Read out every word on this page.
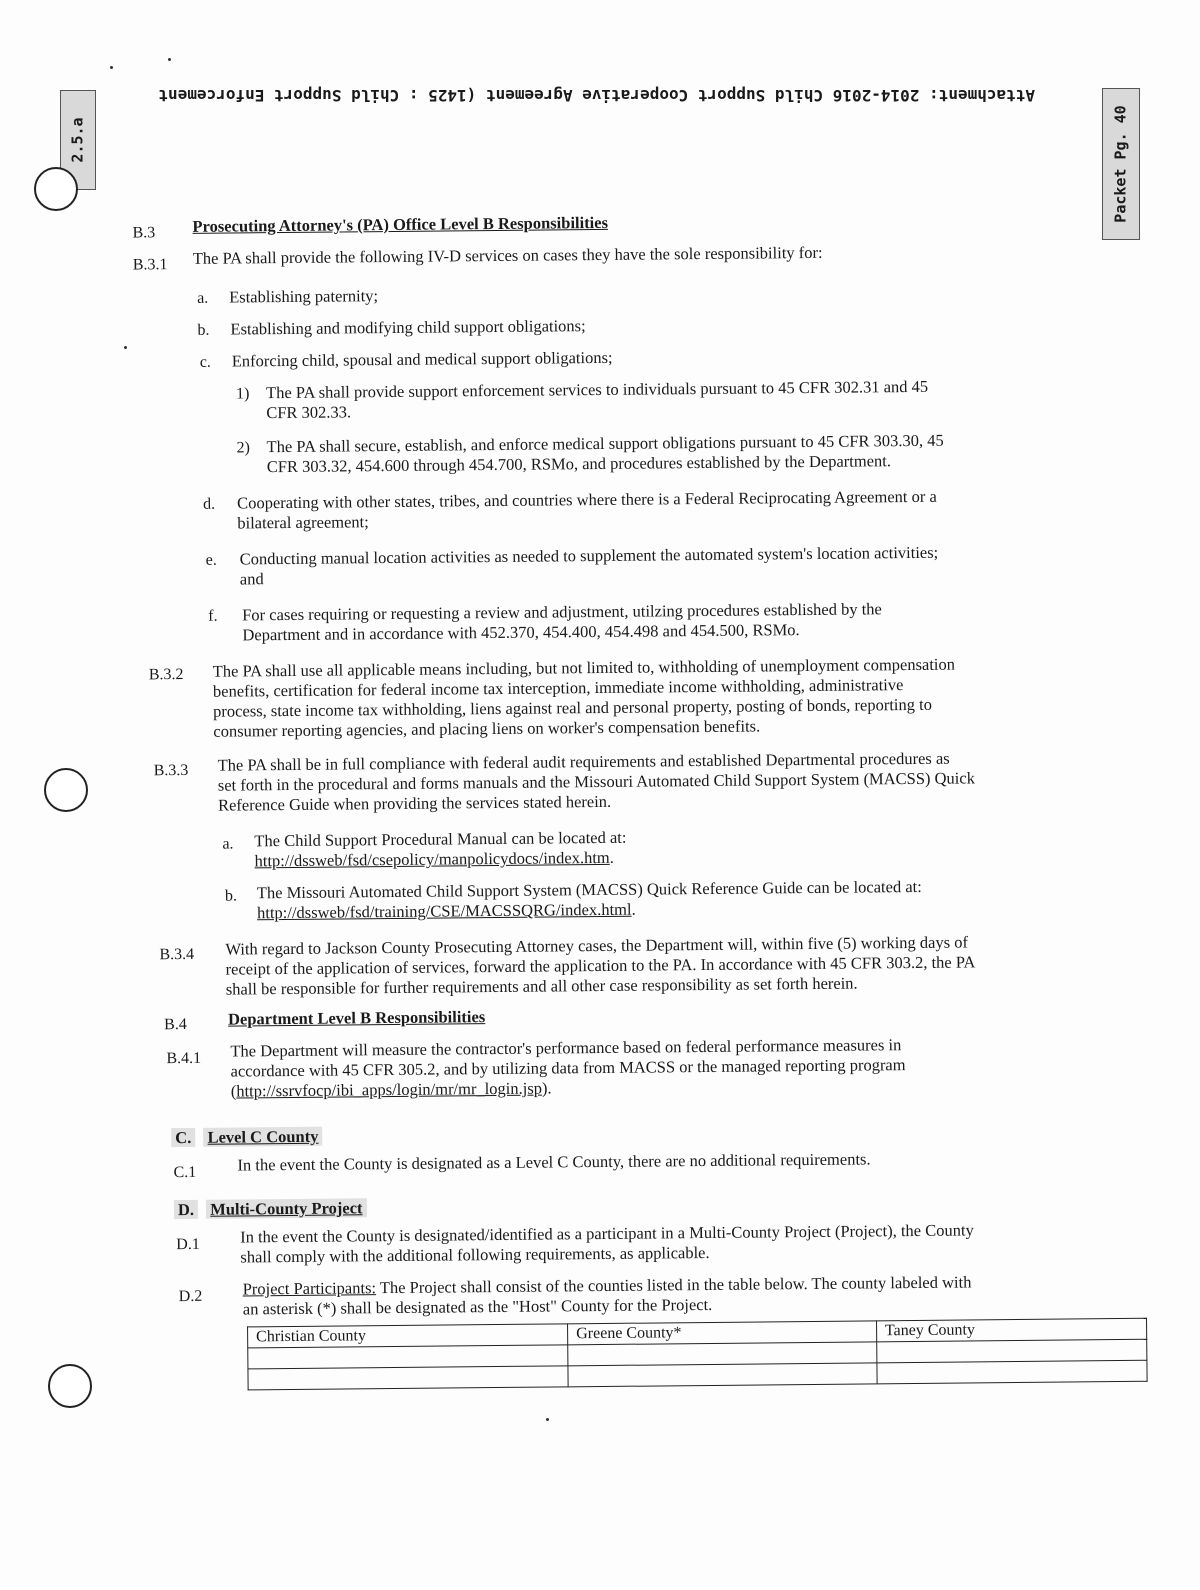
Attachment: 2014-2016 Child Support Cooperative Agreement (1425 : Child Support Enforcement
2.5.a	Packet Pg. 40
B.3 Prosecuting Attorney's (PA) Office Level B Responsibilities
B.3.1 The PA shall provide the following IV-D services on cases they have the sole responsibility for:
a. Establishing paternity;
b. Establishing and modifying child support obligations;
c. Enforcing child, spousal and medical support obligations;
1) The PA shall provide support enforcement services to individuals pursuant to 45 CFR 302.31 and 45
CFR 302.33.
2) The PA shall secure, establish, and enforce medical support obligations pursuant to 45 CFR 303.30, 45
CFR 303.32, 454.600 through 454.700, RSMo, and procedures established by the Department.
d. Cooperating with other states, tribes, and countries where there is a Federal Reciprocating Agreement or a
bilateral agreement;
e. Conducting manual location activities as needed to supplement the automated system's location activities;
and
f. For cases requiring or requesting a review and adjustment, utilzing procedures established by the
Department and in accordance with 452.370, 454.400, 454.498 and 454.500, RSMo.
B.3.2 The PA shall use all applicable means including, but not limited to, withholding of unemployment compensation
benefits, certification for federal income tax interception, immediate income withholding, administrative
process, state income tax withholding, liens against real and personal property, posting of bonds, reporting to
consumer reporting agencies, and placing liens on worker's compensation benefits.
B.3.3 The PA shall be in full compliance with federal audit requirements and established Departmental procedures as
set forth in the procedural and forms manuals and the Missouri Automated Child Support System (MACSS) Quick
Reference Guide when providing the services stated herein.
a. The Child Support Procedural Manual can be located at:
http://dssweb/fsd/csepolicy/manpolicydocs/index.htm.
b. The Missouri Automated Child Support System (MACSS) Quick Reference Guide can be located at:
http://dssweb/fsd/training/CSE/MACSSQRG/index.html.
B.3.4 With regard to Jackson County Prosecuting Attorney cases, the Department will, within five (5) working days of
receipt of the application of services, forward the application to the PA. In accordance with 45 CFR 303.2, the PA
shall be responsible for further requirements and all other case responsibility as set forth herein.
B.4 Department Level B Responsibilities
B.4.1 The Department will measure the contractor's performance based on federal performance measures in
accordance with 45 CFR 305.2, and by utilizing data from MACSS or the managed reporting program
(http://ssrvfocp/ibi_apps/login/mr/mr_login.jsp).
C. Level C County
C.1 In the event the County is designated as a Level C County, there are no additional requirements.
D. Multi-County Project
D.1 In the event the County is designated/identified as a participant in a Multi-County Project (Project), the County
shall comply with the additional following requirements, as applicable.
D.2 Project Participants: The Project shall consist of the counties listed in the table below. The county labeled with
an asterisk (*) shall be designated as the "Host" County for the Project.
Christian County	Greene County*	Taney County
